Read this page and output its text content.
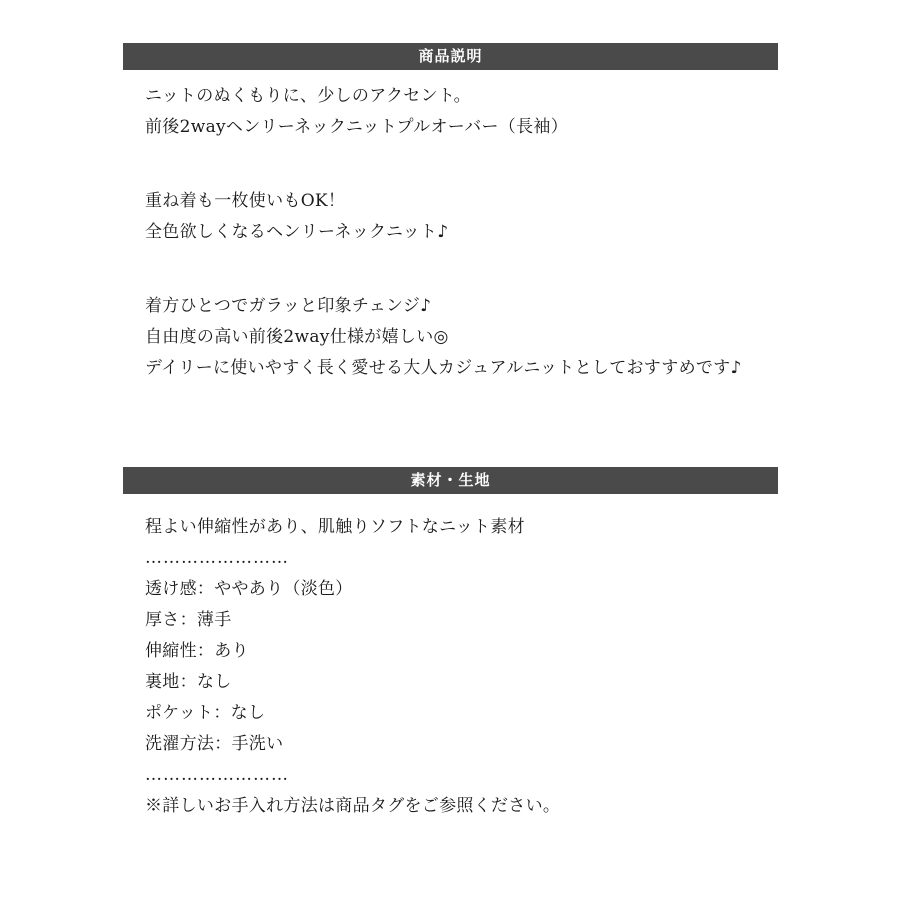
商品説明
ニットのぬくもりに、少しのアクセント。
前後2wayヘンリーネックニットプルオーバー（長袖）
重ね着も一枚使いもOK！
全色欲しくなるヘンリーネックニット♪
着方ひとつでガラッと印象チェンジ♪
自由度の高い前後2way仕様が嬉しい◎
デイリーに使いやすく長く愛せる大人カジュアルニットとしておすすめです♪
素材・生地
程よい伸縮性があり、肌触りソフトなニット素材
……………………
透け感：ややあり（淡色）
厚さ：薄手
伸縮性：あり
裏地：なし
ポケット：なし
洗濯方法：手洗い
……………………
※詳しいお手入れ方法は商品タグをご参照ください。
